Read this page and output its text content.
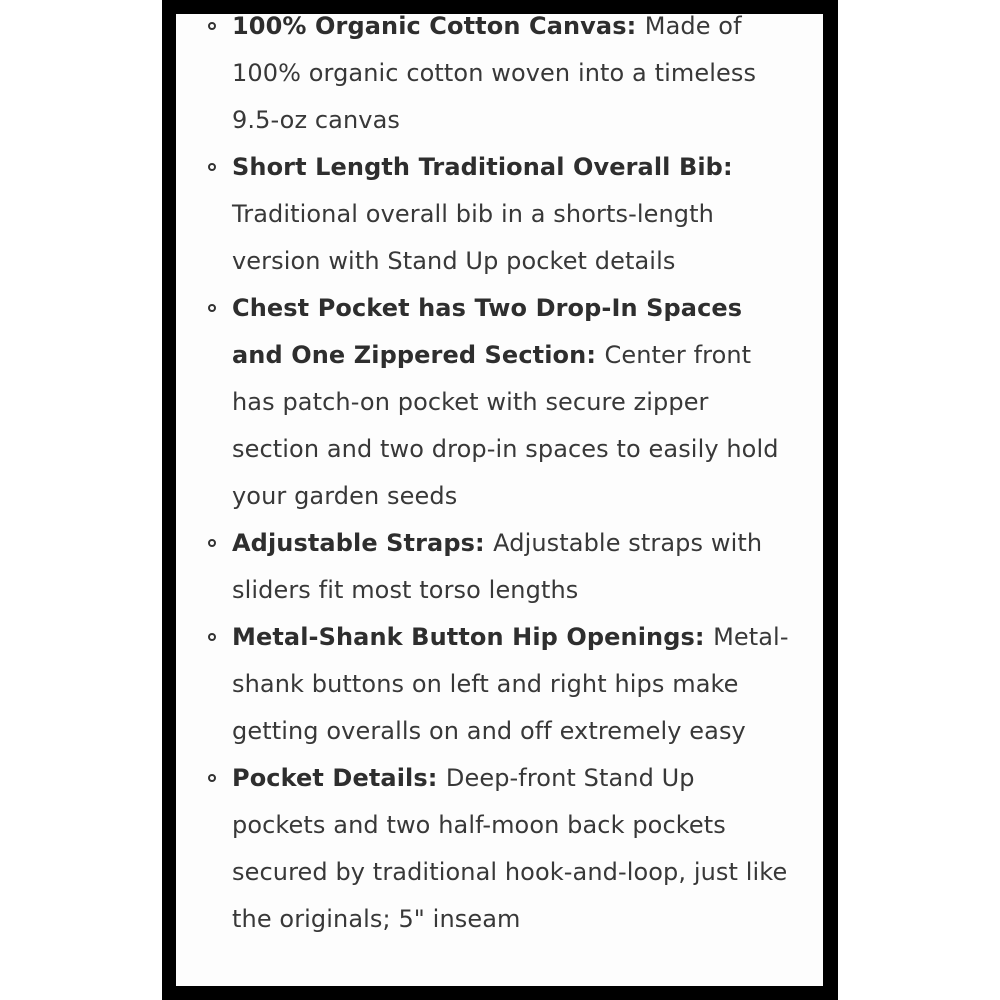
100% Organic Cotton Canvas: Made of 100% organic cotton woven into a timeless 9.5-oz canvas
Short Length Traditional Overall Bib: Traditional overall bib in a shorts-length version with Stand Up pocket details
Chest Pocket has Two Drop-In Spaces and One Zippered Section: Center front has patch-on pocket with secure zipper section and two drop-in spaces to easily hold your garden seeds
Adjustable Straps: Adjustable straps with sliders fit most torso lengths
Metal-Shank Button Hip Openings: Metal-shank buttons on left and right hips make getting overalls on and off extremely easy
Pocket Details: Deep-front Stand Up pockets and two half-moon back pockets secured by traditional hook-and-loop, just like the originals; 5" inseam
